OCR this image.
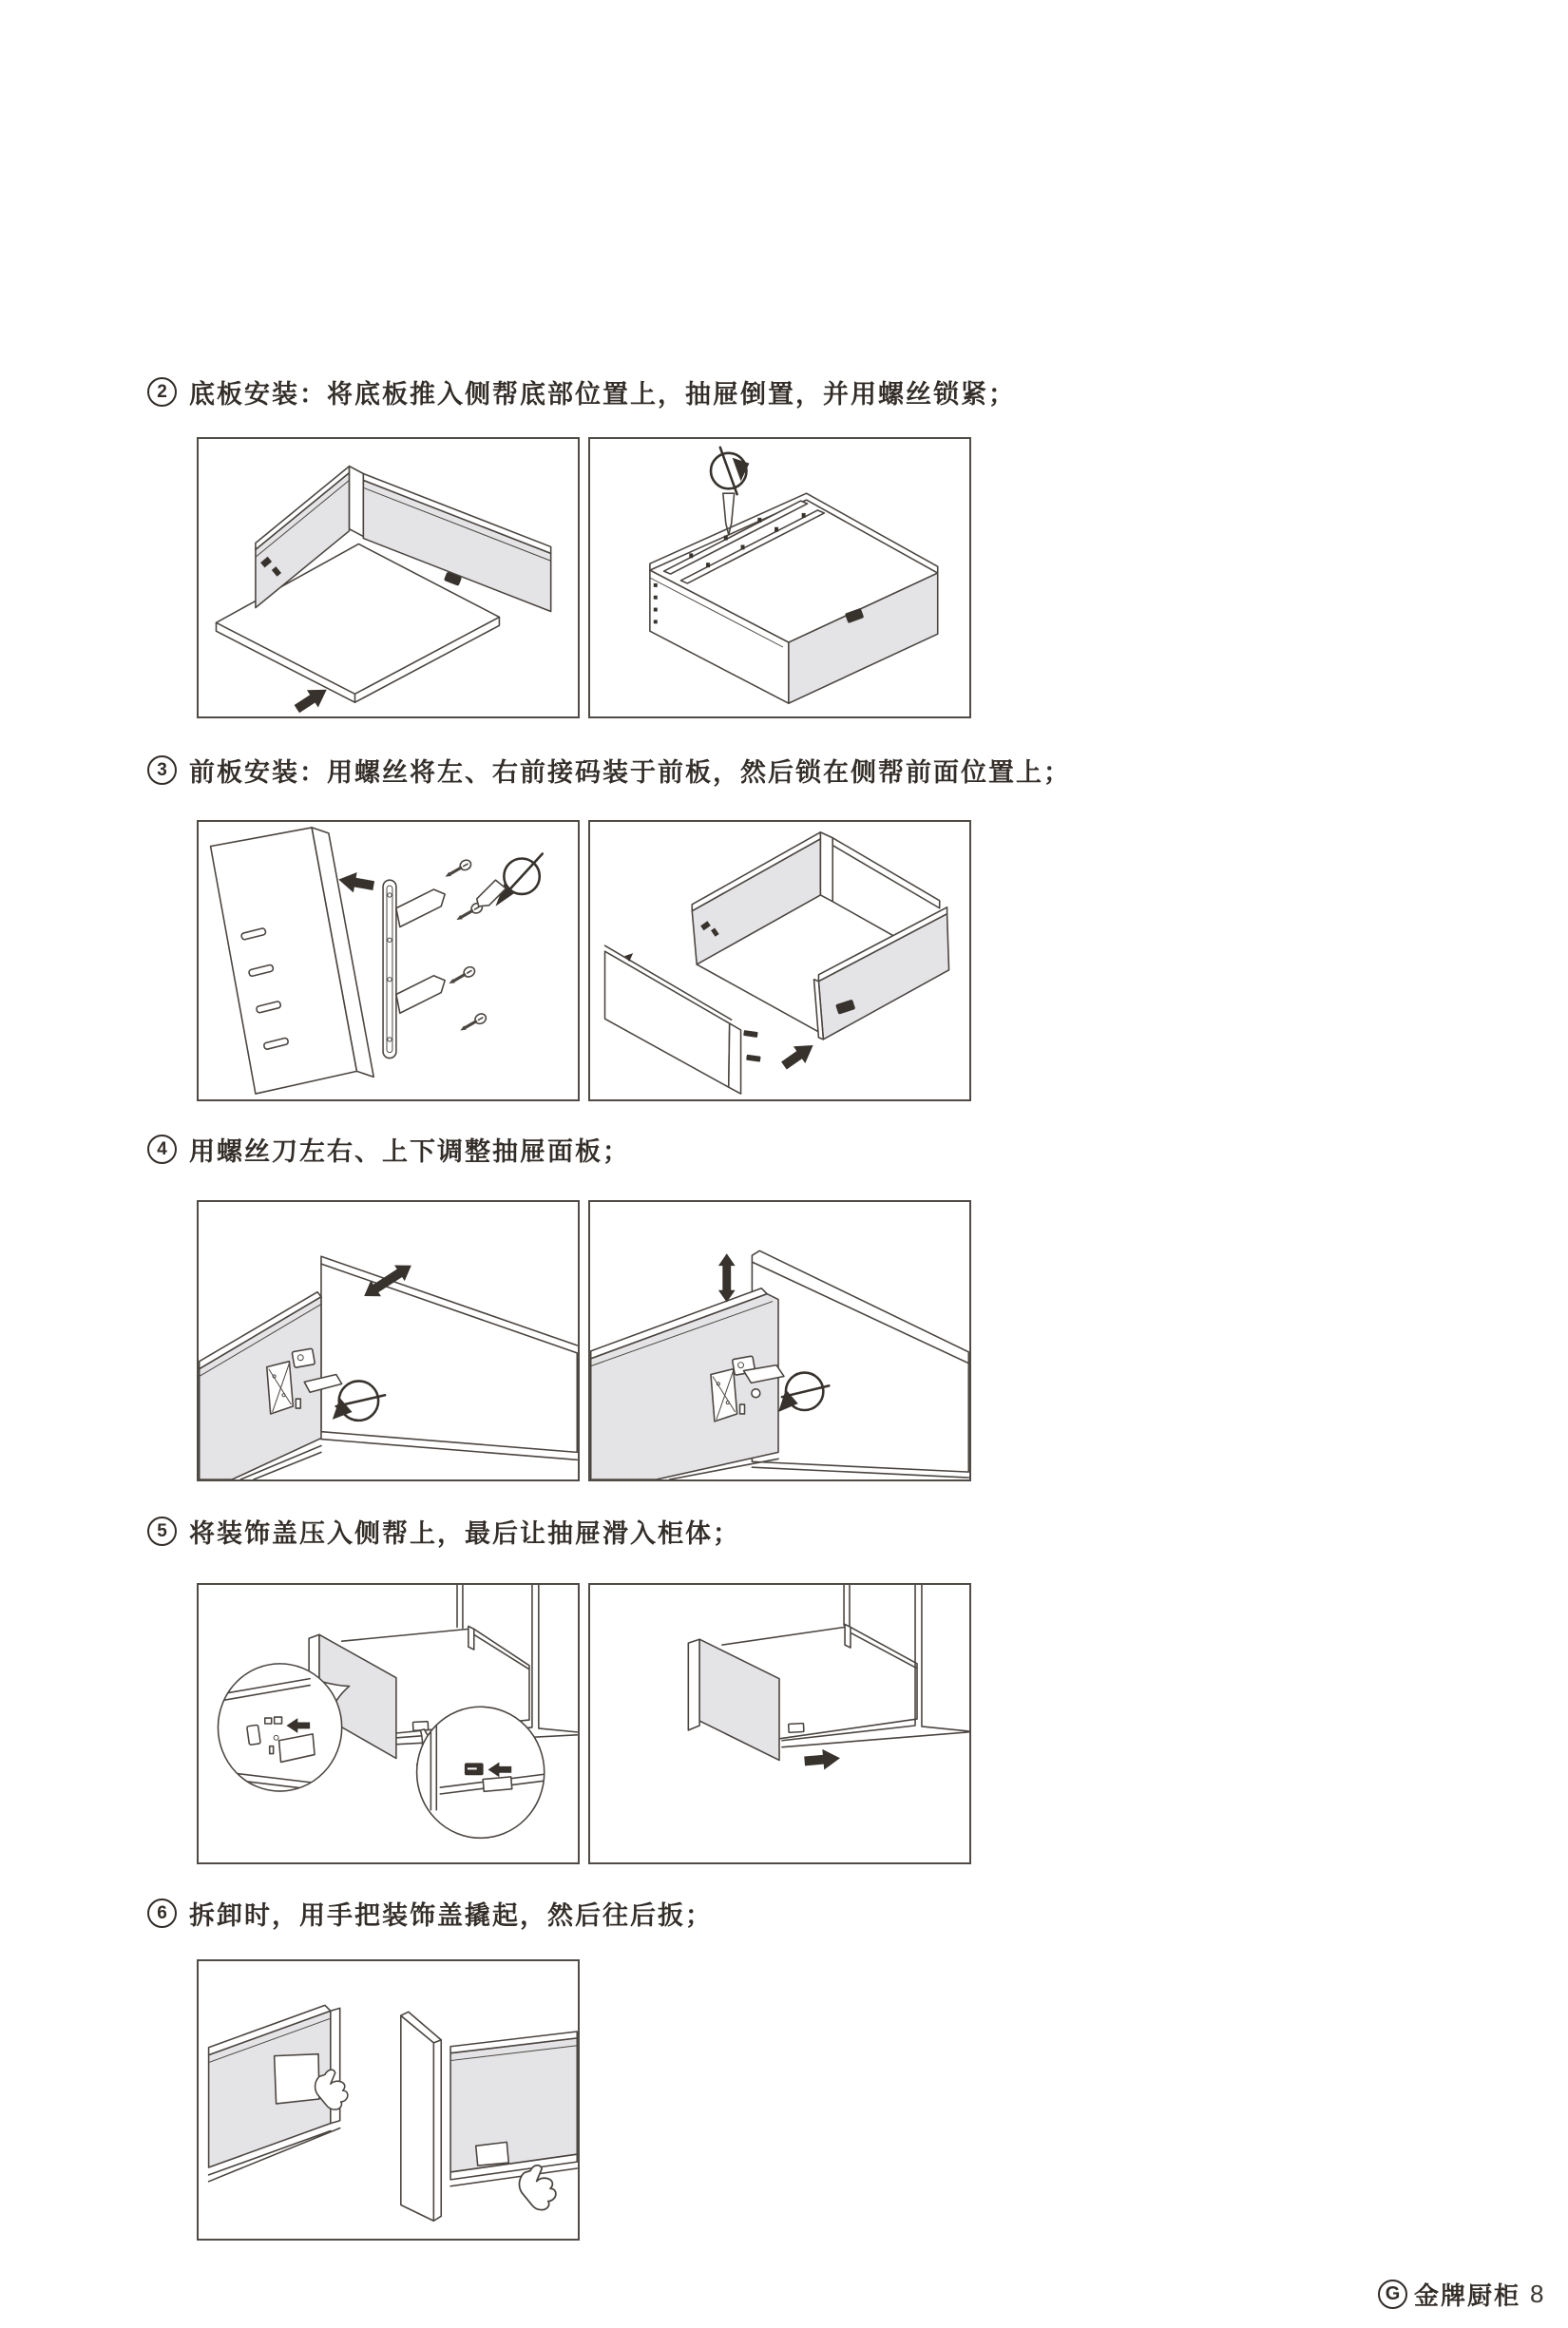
2 底板安装：将底板推入侧帮底部位置上，抽屉倒置，并用螺丝锁紧；
3 前板安装：用螺丝将左、右前接码装于前板，然后锁在侧帮前面位置上；
4 用螺丝刀左右、上下调整抽屉面板；
5 将装饰盖压入侧帮上，最后让抽屉滑入柜体；
6 拆卸时，用手把装饰盖撬起，然后往后扳；
G 金牌厨柜 8
